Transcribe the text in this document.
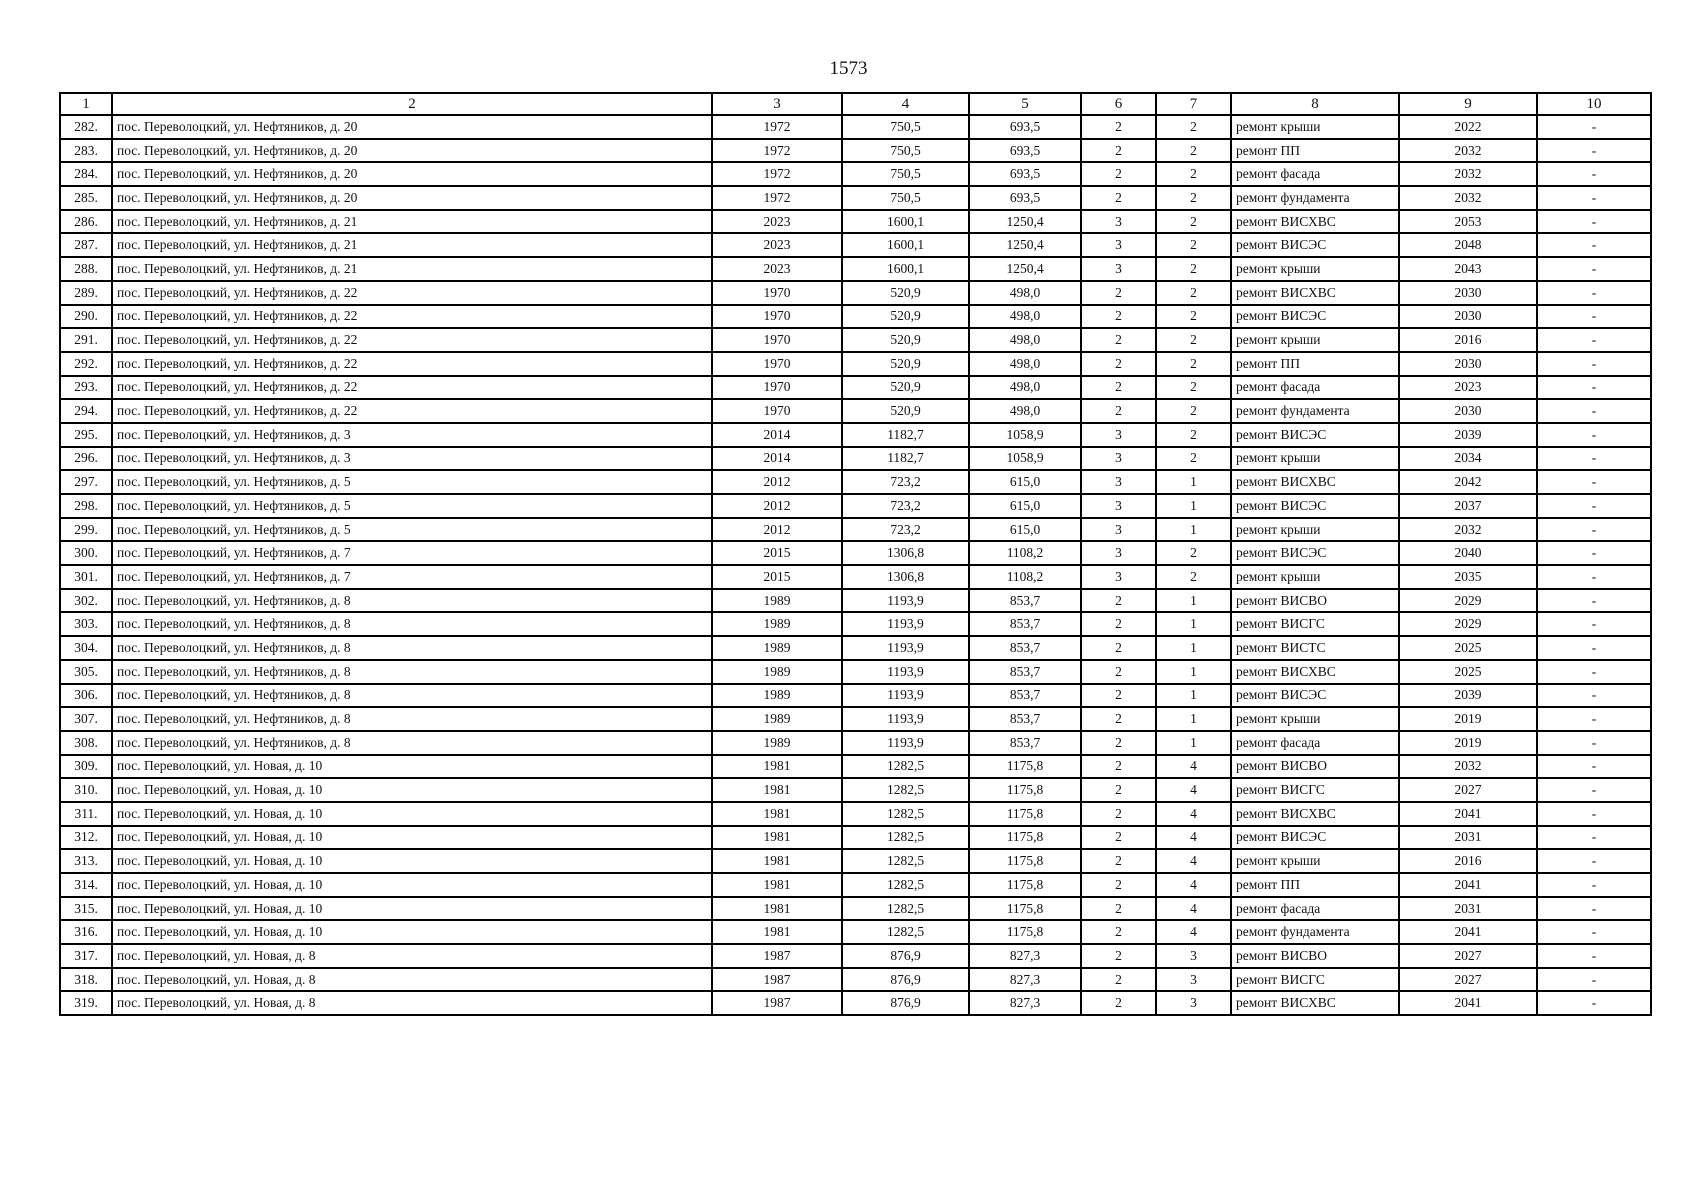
1573
1	2	3	4	5	6	7	8	9	10
282.	пос. Переволоцкий, ул. Нефтяников, д. 20	1972	750,5	693,5	2	2	ремонт крыши	2022	-
283.	пос. Переволоцкий, ул. Нефтяников, д. 20	1972	750,5	693,5	2	2	ремонт ПП	2032	-
284.	пос. Переволоцкий, ул. Нефтяников, д. 20	1972	750,5	693,5	2	2	ремонт фасада	2032	-
285.	пос. Переволоцкий, ул. Нефтяников, д. 20	1972	750,5	693,5	2	2	ремонт фундамента	2032	-
286.	пос. Переволоцкий, ул. Нефтяников, д. 21	2023	1600,1	1250,4	3	2	ремонт ВИСХВС	2053	-
287.	пос. Переволоцкий, ул. Нефтяников, д. 21	2023	1600,1	1250,4	3	2	ремонт ВИСЭС	2048	-
288.	пос. Переволоцкий, ул. Нефтяников, д. 21	2023	1600,1	1250,4	3	2	ремонт крыши	2043	-
289.	пос. Переволоцкий, ул. Нефтяников, д. 22	1970	520,9	498,0	2	2	ремонт ВИСХВС	2030	-
290.	пос. Переволоцкий, ул. Нефтяников, д. 22	1970	520,9	498,0	2	2	ремонт ВИСЭС	2030	-
291.	пос. Переволоцкий, ул. Нефтяников, д. 22	1970	520,9	498,0	2	2	ремонт крыши	2016	-
292.	пос. Переволоцкий, ул. Нефтяников, д. 22	1970	520,9	498,0	2	2	ремонт ПП	2030	-
293.	пос. Переволоцкий, ул. Нефтяников, д. 22	1970	520,9	498,0	2	2	ремонт фасада	2023	-
294.	пос. Переволоцкий, ул. Нефтяников, д. 22	1970	520,9	498,0	2	2	ремонт фундамента	2030	-
295.	пос. Переволоцкий, ул. Нефтяников, д. 3	2014	1182,7	1058,9	3	2	ремонт ВИСЭС	2039	-
296.	пос. Переволоцкий, ул. Нефтяников, д. 3	2014	1182,7	1058,9	3	2	ремонт крыши	2034	-
297.	пос. Переволоцкий, ул. Нефтяников, д. 5	2012	723,2	615,0	3	1	ремонт ВИСХВС	2042	-
298.	пос. Переволоцкий, ул. Нефтяников, д. 5	2012	723,2	615,0	3	1	ремонт ВИСЭС	2037	-
299.	пос. Переволоцкий, ул. Нефтяников, д. 5	2012	723,2	615,0	3	1	ремонт крыши	2032	-
300.	пос. Переволоцкий, ул. Нефтяников, д. 7	2015	1306,8	1108,2	3	2	ремонт ВИСЭС	2040	-
301.	пос. Переволоцкий, ул. Нефтяников, д. 7	2015	1306,8	1108,2	3	2	ремонт крыши	2035	-
302.	пос. Переволоцкий, ул. Нефтяников, д. 8	1989	1193,9	853,7	2	1	ремонт ВИСВО	2029	-
303.	пос. Переволоцкий, ул. Нефтяников, д. 8	1989	1193,9	853,7	2	1	ремонт ВИСГС	2029	-
304.	пос. Переволоцкий, ул. Нефтяников, д. 8	1989	1193,9	853,7	2	1	ремонт ВИСТС	2025	-
305.	пос. Переволоцкий, ул. Нефтяников, д. 8	1989	1193,9	853,7	2	1	ремонт ВИСХВС	2025	-
306.	пос. Переволоцкий, ул. Нефтяников, д. 8	1989	1193,9	853,7	2	1	ремонт ВИСЭС	2039	-
307.	пос. Переволоцкий, ул. Нефтяников, д. 8	1989	1193,9	853,7	2	1	ремонт крыши	2019	-
308.	пос. Переволоцкий, ул. Нефтяников, д. 8	1989	1193,9	853,7	2	1	ремонт фасада	2019	-
309.	пос. Переволоцкий, ул. Новая, д. 10	1981	1282,5	1175,8	2	4	ремонт ВИСВО	2032	-
310.	пос. Переволоцкий, ул. Новая, д. 10	1981	1282,5	1175,8	2	4	ремонт ВИСГС	2027	-
311.	пос. Переволоцкий, ул. Новая, д. 10	1981	1282,5	1175,8	2	4	ремонт ВИСХВС	2041	-
312.	пос. Переволоцкий, ул. Новая, д. 10	1981	1282,5	1175,8	2	4	ремонт ВИСЭС	2031	-
313.	пос. Переволоцкий, ул. Новая, д. 10	1981	1282,5	1175,8	2	4	ремонт крыши	2016	-
314.	пос. Переволоцкий, ул. Новая, д. 10	1981	1282,5	1175,8	2	4	ремонт ПП	2041	-
315.	пос. Переволоцкий, ул. Новая, д. 10	1981	1282,5	1175,8	2	4	ремонт фасада	2031	-
316.	пос. Переволоцкий, ул. Новая, д. 10	1981	1282,5	1175,8	2	4	ремонт фундамента	2041	-
317.	пос. Переволоцкий, ул. Новая, д. 8	1987	876,9	827,3	2	3	ремонт ВИСВО	2027	-
318.	пос. Переволоцкий, ул. Новая, д. 8	1987	876,9	827,3	2	3	ремонт ВИСГС	2027	-
319.	пос. Переволоцкий, ул. Новая, д. 8	1987	876,9	827,3	2	3	ремонт ВИСХВС	2041	-
